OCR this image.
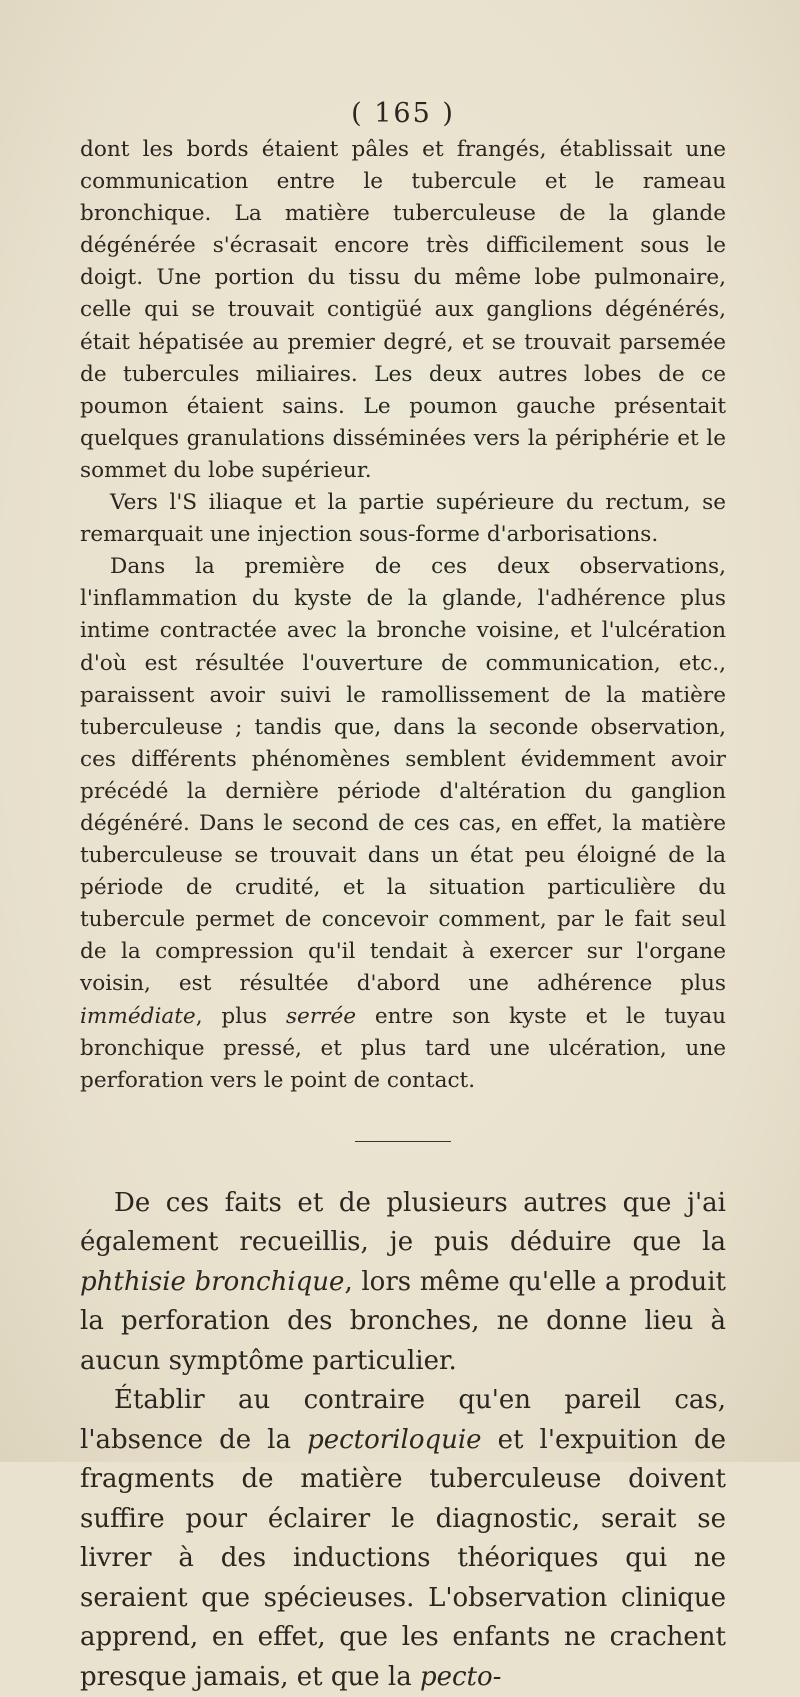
( 165 )

dont les bords étaient pâles et frangés, établissait une communication entre le tubercule et le rameau bronchique. La matière tuberculeuse de la glande dégénérée s'écrasait encore très difficilement sous le doigt. Une portion du tissu du même lobe pulmonaire, celle qui se trouvait contigüé aux ganglions dégénérés, était hépatisée au premier degré, et se trouvait parsemée de tubercules miliaires. Les deux autres lobes de ce poumon étaient sains. Le poumon gauche présentait quelques granulations disséminées vers la périphérie et le sommet du lobe supérieur.

Vers l'S iliaque et la partie supérieure du rectum, se remarquait une injection sous-forme d'arborisations.

Dans la première de ces deux observations, l'inflammation du kyste de la glande, l'adhérence plus intime contractée avec la bronche voisine, et l'ulcération d'où est résultée l'ouverture de communication, etc., paraissent avoir suivi le ramollissement de la matière tuberculeuse ; tandis que, dans la seconde observation, ces différents phénomènes semblent évidemment avoir précédé la dernière période d'altération du ganglion dégénéré. Dans le second de ces cas, en effet, la matière tuberculeuse se trouvait dans un état peu éloigné de la période de crudité, et la situation particulière du tubercule permet de concevoir comment, par le fait seul de la compression qu'il tendait à exercer sur l'organe voisin, est résultée d'abord une adhérence plus immédiate, plus serrée entre son kyste et le tuyau bronchique pressé, et plus tard une ulcération, une perforation vers le point de contact.

De ces faits et de plusieurs autres que j'ai également recueillis, je puis déduire que la phthisie bronchique, lors même qu'elle a produit la perforation des bronches, ne donne lieu à aucun symptôme particulier.

Établir au contraire qu'en pareil cas, l'absence de la pectoriloquie et l'expuition de fragments de matière tuberculeuse doivent suffire pour éclairer le diagnostic, serait se livrer à des inductions théoriques qui ne seraient que spécieuses. L'observation clinique apprend, en effet, que les enfants ne crachent presque jamais, et que la pecto-
